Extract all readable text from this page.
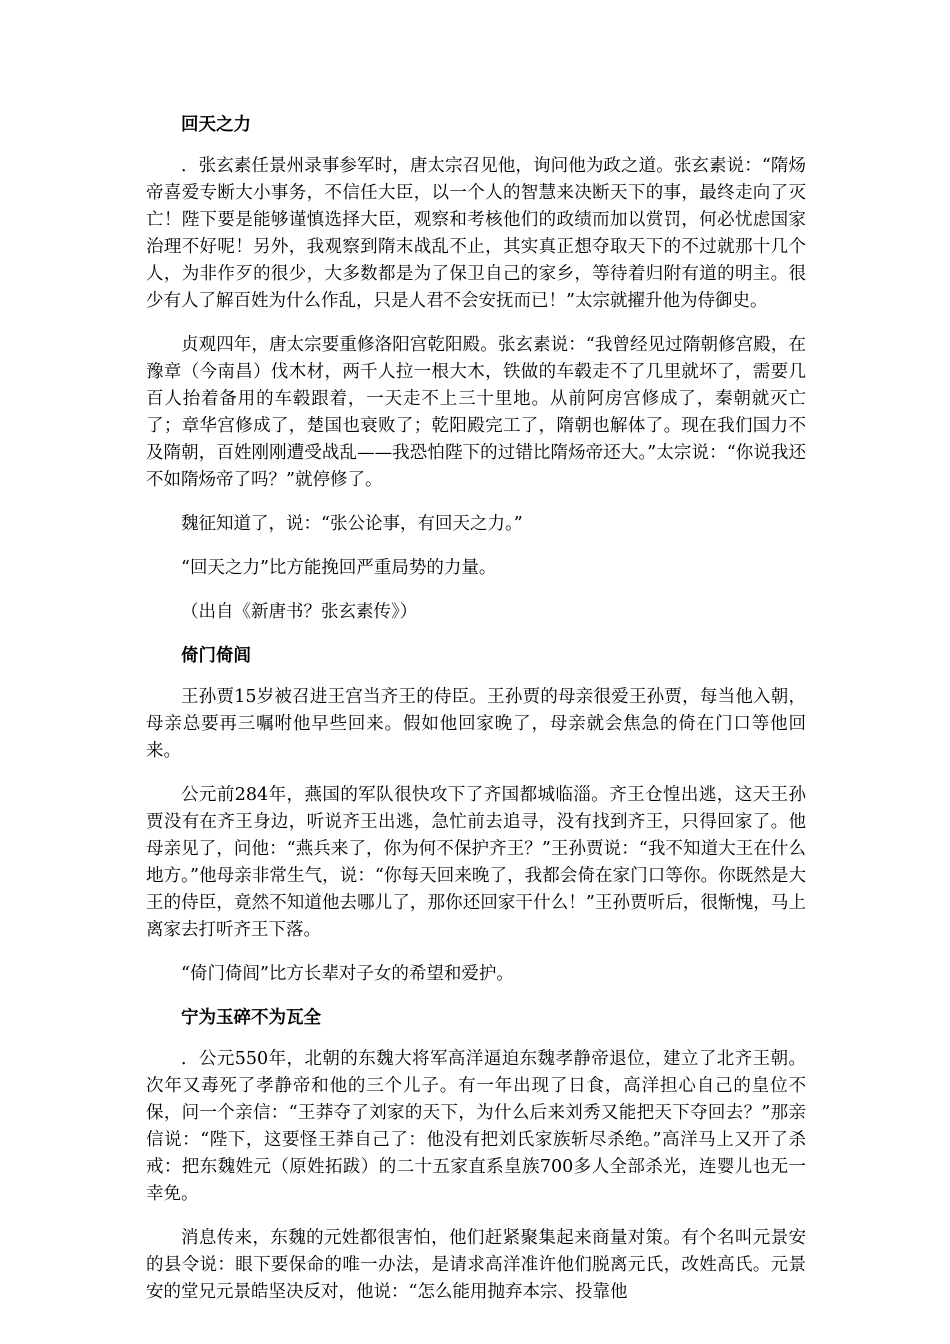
回天之力

．张玄素任景州录事参军时，唐太宗召见他，询问他为政之道。张玄素说：“隋炀帝喜爱专断大小事务，不信任大臣，以一个人的智慧来决断天下的事，最终走向了灭亡！陛下要是能够谨慎选择大臣，观察和考核他们的政绩而加以赏罚，何必忧虑国家治理不好呢！另外，我观察到隋末战乱不止，其实真正想夺取天下的不过就那十几个人，为非作歹的很少，大多数都是为了保卫自己的家乡，等待着归附有道的明主。很少有人了解百姓为什么作乱，只是人君不会安抚而已！”太宗就擢升他为侍御史。

贞观四年，唐太宗要重修洛阳宫乾阳殿。张玄素说：“我曾经见过隋朝修宫殿，在豫章（今南昌）伐木材，两千人拉一根大木，铁做的车毂走不了几里就坏了，需要几百人抬着备用的车毂跟着，一天走不上三十里地。从前阿房宫修成了，秦朝就灭亡了；章华宫修成了，楚国也衰败了；乾阳殿完工了，隋朝也解体了。现在我们国力不及隋朝，百姓刚刚遭受战乱——我恐怕陛下的过错比隋炀帝还大。”太宗说：“你说我还不如隋炀帝了吗？”就停修了。

魏征知道了，说：“张公论事，有回天之力。”

“回天之力”比方能挽回严重局势的力量。

（出自《新唐书？张玄素传》）

倚门倚闾

王孙贾15岁被召进王宫当齐王的侍臣。王孙贾的母亲很爱王孙贾，每当他入朝，母亲总要再三嘱咐他早些回来。假如他回家晚了，母亲就会焦急的倚在门口等他回来。

公元前284年，燕国的军队很快攻下了齐国都城临淄。齐王仓惶出逃，这天王孙贾没有在齐王身边，听说齐王出逃，急忙前去追寻，没有找到齐王，只得回家了。他母亲见了，问他：“燕兵来了，你为何不保护齐王？”王孙贾说：“我不知道大王在什么地方。”他母亲非常生气，说：“你每天回来晚了，我都会倚在家门口等你。你既然是大王的侍臣，竟然不知道他去哪儿了，那你还回家干什么！”王孙贾听后，很惭愧，马上离家去打听齐王下落。

“倚门倚闾”比方长辈对子女的希望和爱护。

宁为玉碎不为瓦全

．公元550年，北朝的东魏大将军高洋逼迫东魏孝静帝退位，建立了北齐王朝。次年又毒死了孝静帝和他的三个儿子。有一年出现了日食，高洋担心自己的皇位不保，问一个亲信：“王莽夺了刘家的天下，为什么后来刘秀又能把天下夺回去？”那亲信说：“陛下，这要怪王莽自己了：他没有把刘氏家族斩尽杀绝。”高洋马上又开了杀戒：把东魏姓元（原姓拓跋）的二十五家直系皇族700多人全部杀光，连婴儿也无一幸免。

消息传来，东魏的元姓都很害怕，他们赶紧聚集起来商量对策。有个名叫元景安的县令说：眼下要保命的唯一办法，是请求高洋准许他们脱离元氏，改姓高氏。元景安的堂兄元景皓坚决反对，他说：“怎么能用抛弃本宗、投靠他
